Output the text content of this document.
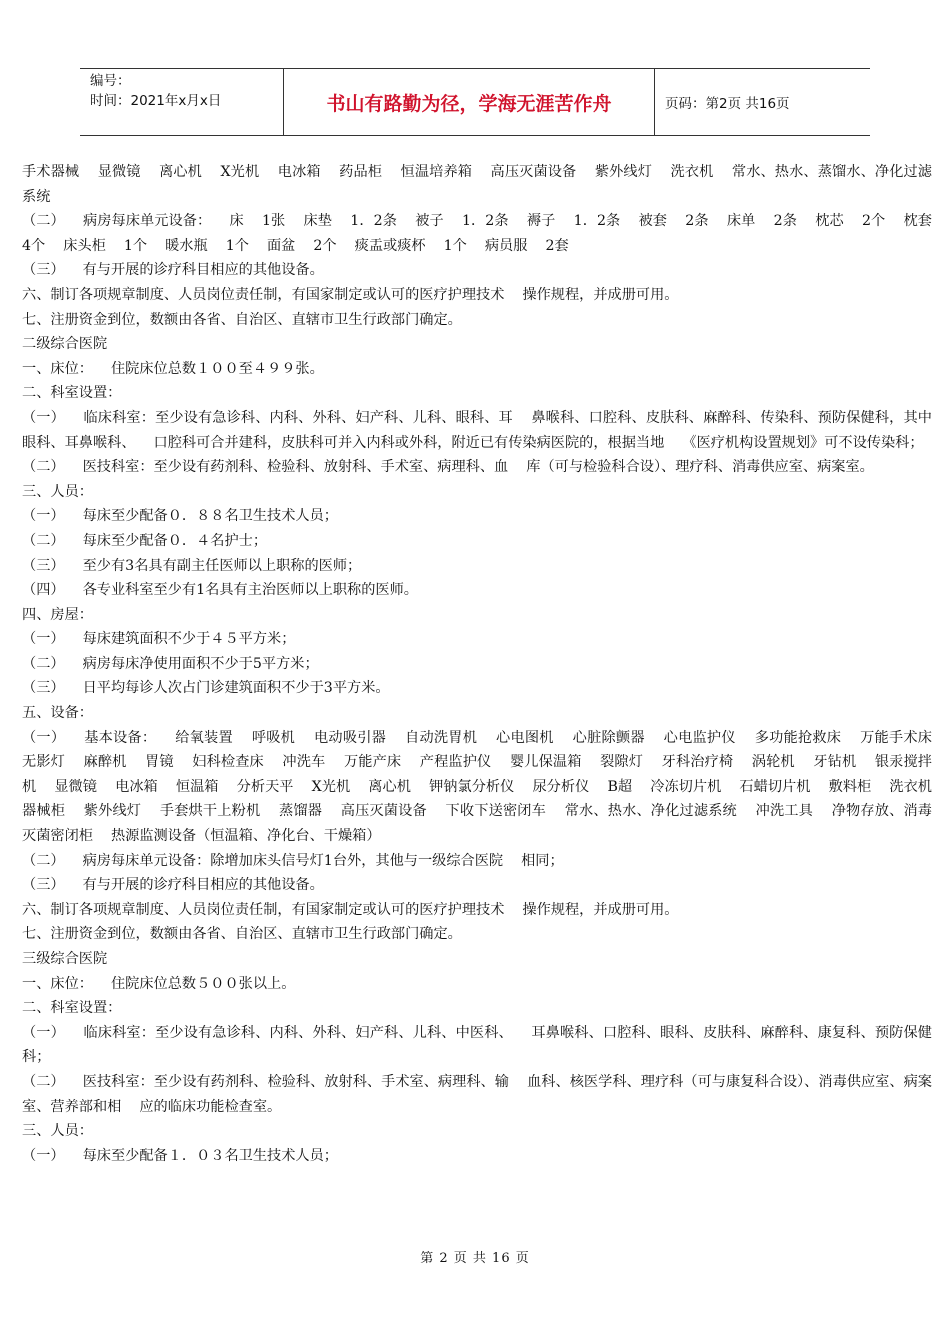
编号：
时间：2021年x月x日	书山有路勤为径，学海无涯苦作舟	页码：第2页 共16页

手术器械    显微镜    离心机    X光机    电冰箱    药品柜    恒温培养箱    高压灭菌设备    紫外线灯    洗衣机    常水、热水、蒸馏水、净化过滤系统

（二）    病房每床单元设备：    床    1张    床垫    1．2条    被子    1．2条    褥子    1．2条    被套    2条    床单    2条    枕芯    2个    枕套    4个    床头柜    1个    暖水瓶    1个    面盆    2个    痰盂或痰杯    1个    病员服    2套

（三）    有与开展的诊疗科目相应的其他设备。

六、制订各项规章制度、人员岗位责任制，有国家制定或认可的医疗护理技术    操作规程，并成册可用。

七、注册资金到位，数额由各省、自治区、直辖市卫生行政部门确定。

二级综合医院

一、床位：    住院床位总数１００至４９９张。

二、科室设置：

（一）    临床科室：至少设有急诊科、内科、外科、妇产科、儿科、眼科、耳    鼻喉科、口腔科、皮肤科、麻醉科、传染科、预防保健科，其中眼科、耳鼻喉科、    口腔科可合并建科，皮肤科可并入内科或外科，附近已有传染病医院的，根据当地    《医疗机构设置规划》可不设传染科；

（二）    医技科室：至少设有药剂科、检验科、放射科、手术室、病理科、血    库（可与检验科合设）、理疗科、消毒供应室、病案室。

三、人员：

（一）    每床至少配备０．８８名卫生技术人员；

（二）    每床至少配备０．４名护士；

（三）    至少有3名具有副主任医师以上职称的医师；

（四）    各专业科室至少有1名具有主治医师以上职称的医师。

四、房屋：

（一）    每床建筑面积不少于４５平方米；

（二）    病房每床净使用面积不少于5平方米；

（三）    日平均每诊人次占门诊建筑面积不少于3平方米。

五、设备：

（一）    基本设备：    给氧装置    呼吸机    电动吸引器    自动洗胃机    心电图机    心脏除颤器    心电监护仪    多功能抢救床    万能手术床    无影灯    麻醉机    胃镜    妇科检查床    冲洗车    万能产床    产程监护仪    婴儿保温箱    裂隙灯    牙科治疗椅    涡轮机    牙钻机    银汞搅拌机    显微镜    电冰箱    恒温箱    分析天平    X光机    离心机    钾钠氯分析仪    尿分析仪    B超    冷冻切片机    石蜡切片机    敷料柜    洗衣机    器械柜    紫外线灯    手套烘干上粉机    蒸馏器    高压灭菌设备    下收下送密闭车    常水、热水、净化过滤系统    冲洗工具    净物存放、消毒灭菌密闭柜    热源监测设备（恒温箱、净化台、干燥箱）

（二）    病房每床单元设备：除增加床头信号灯1台外，其他与一级综合医院    相同；

（三）    有与开展的诊疗科目相应的其他设备。

六、制订各项规章制度、人员岗位责任制，有国家制定或认可的医疗护理技术    操作规程，并成册可用。

七、注册资金到位，数额由各省、自治区、直辖市卫生行政部门确定。

三级综合医院

一、床位：    住院床位总数５００张以上。

二、科室设置：

（一）    临床科室：至少设有急诊科、内科、外科、妇产科、儿科、中医科、    耳鼻喉科、口腔科、眼科、皮肤科、麻醉科、康复科、预防保健科；

（二）    医技科室：至少设有药剂科、检验科、放射科、手术室、病理科、输    血科、核医学科、理疗科（可与康复科合设）、消毒供应室、病案室、营养部和相    应的临床功能检查室。

三、人员：

（一）    每床至少配备１．０３名卫生技术人员；

第 2 页 共 16 页
